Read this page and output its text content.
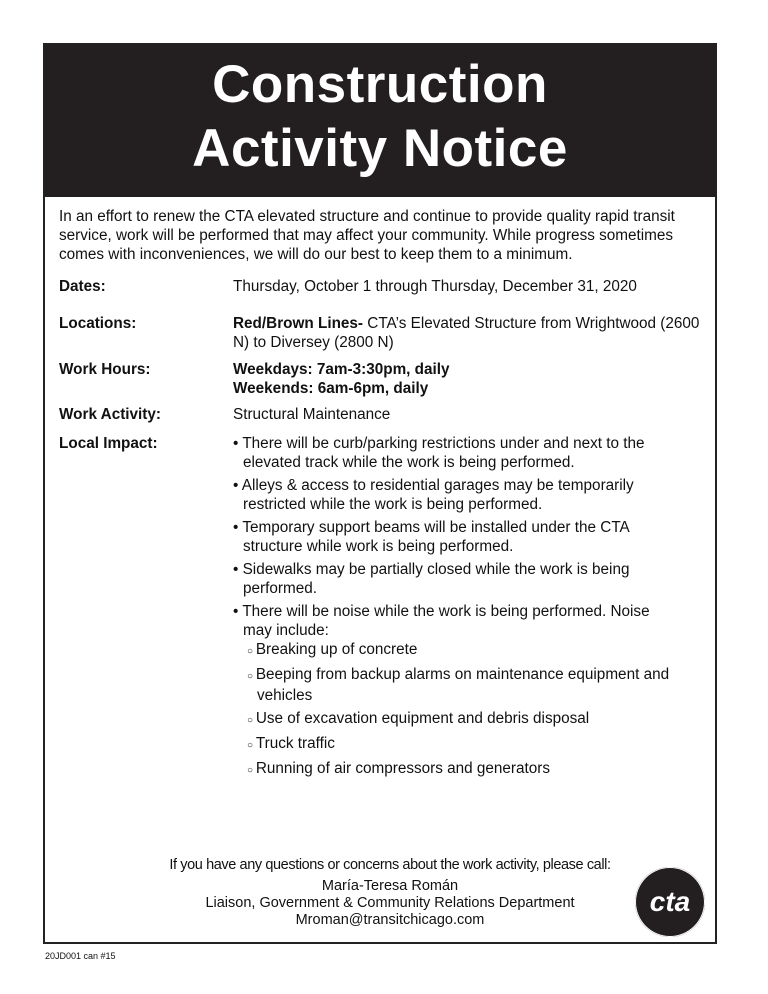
Construction
Activity Notice
In an effort to renew the CTA elevated structure and continue to provide quality rapid transit service, work will be performed that may affect your community. While progress sometimes comes with inconveniences, we will do our best to keep them to a minimum.
Dates:	Thursday, October 1 through Thursday, December 31, 2020
Locations:	Red/Brown Lines- CTA’s Elevated Structure from Wrightwood (2600 N) to Diversey (2800 N)
Work Hours:	Weekdays: 7am-3:30pm, daily
Weekends: 6am-6pm, daily
Work Activity:	Structural Maintenance
Local Impact:	• There will be curb/parking restrictions under and next to the elevated track while the work is being performed.
• Alleys & access to residential garages may be temporarily restricted while the work is being performed.
• Temporary support beams will be installed under the CTA structure while work is being performed.
• Sidewalks may be partially closed while the work is being performed.
• There will be noise while the work is being performed. Noise may include:
○ Breaking up of concrete
○ Beeping from backup alarms on maintenance equipment and vehicles
○ Use of excavation equipment and debris disposal
○ Truck traffic
○ Running of air compressors and generators
If you have any questions or concerns about the work activity, please call:
María-Teresa Román
Liaison, Government & Community Relations Department
Mroman@transitchicago.com
cta
20JD001 can #15
